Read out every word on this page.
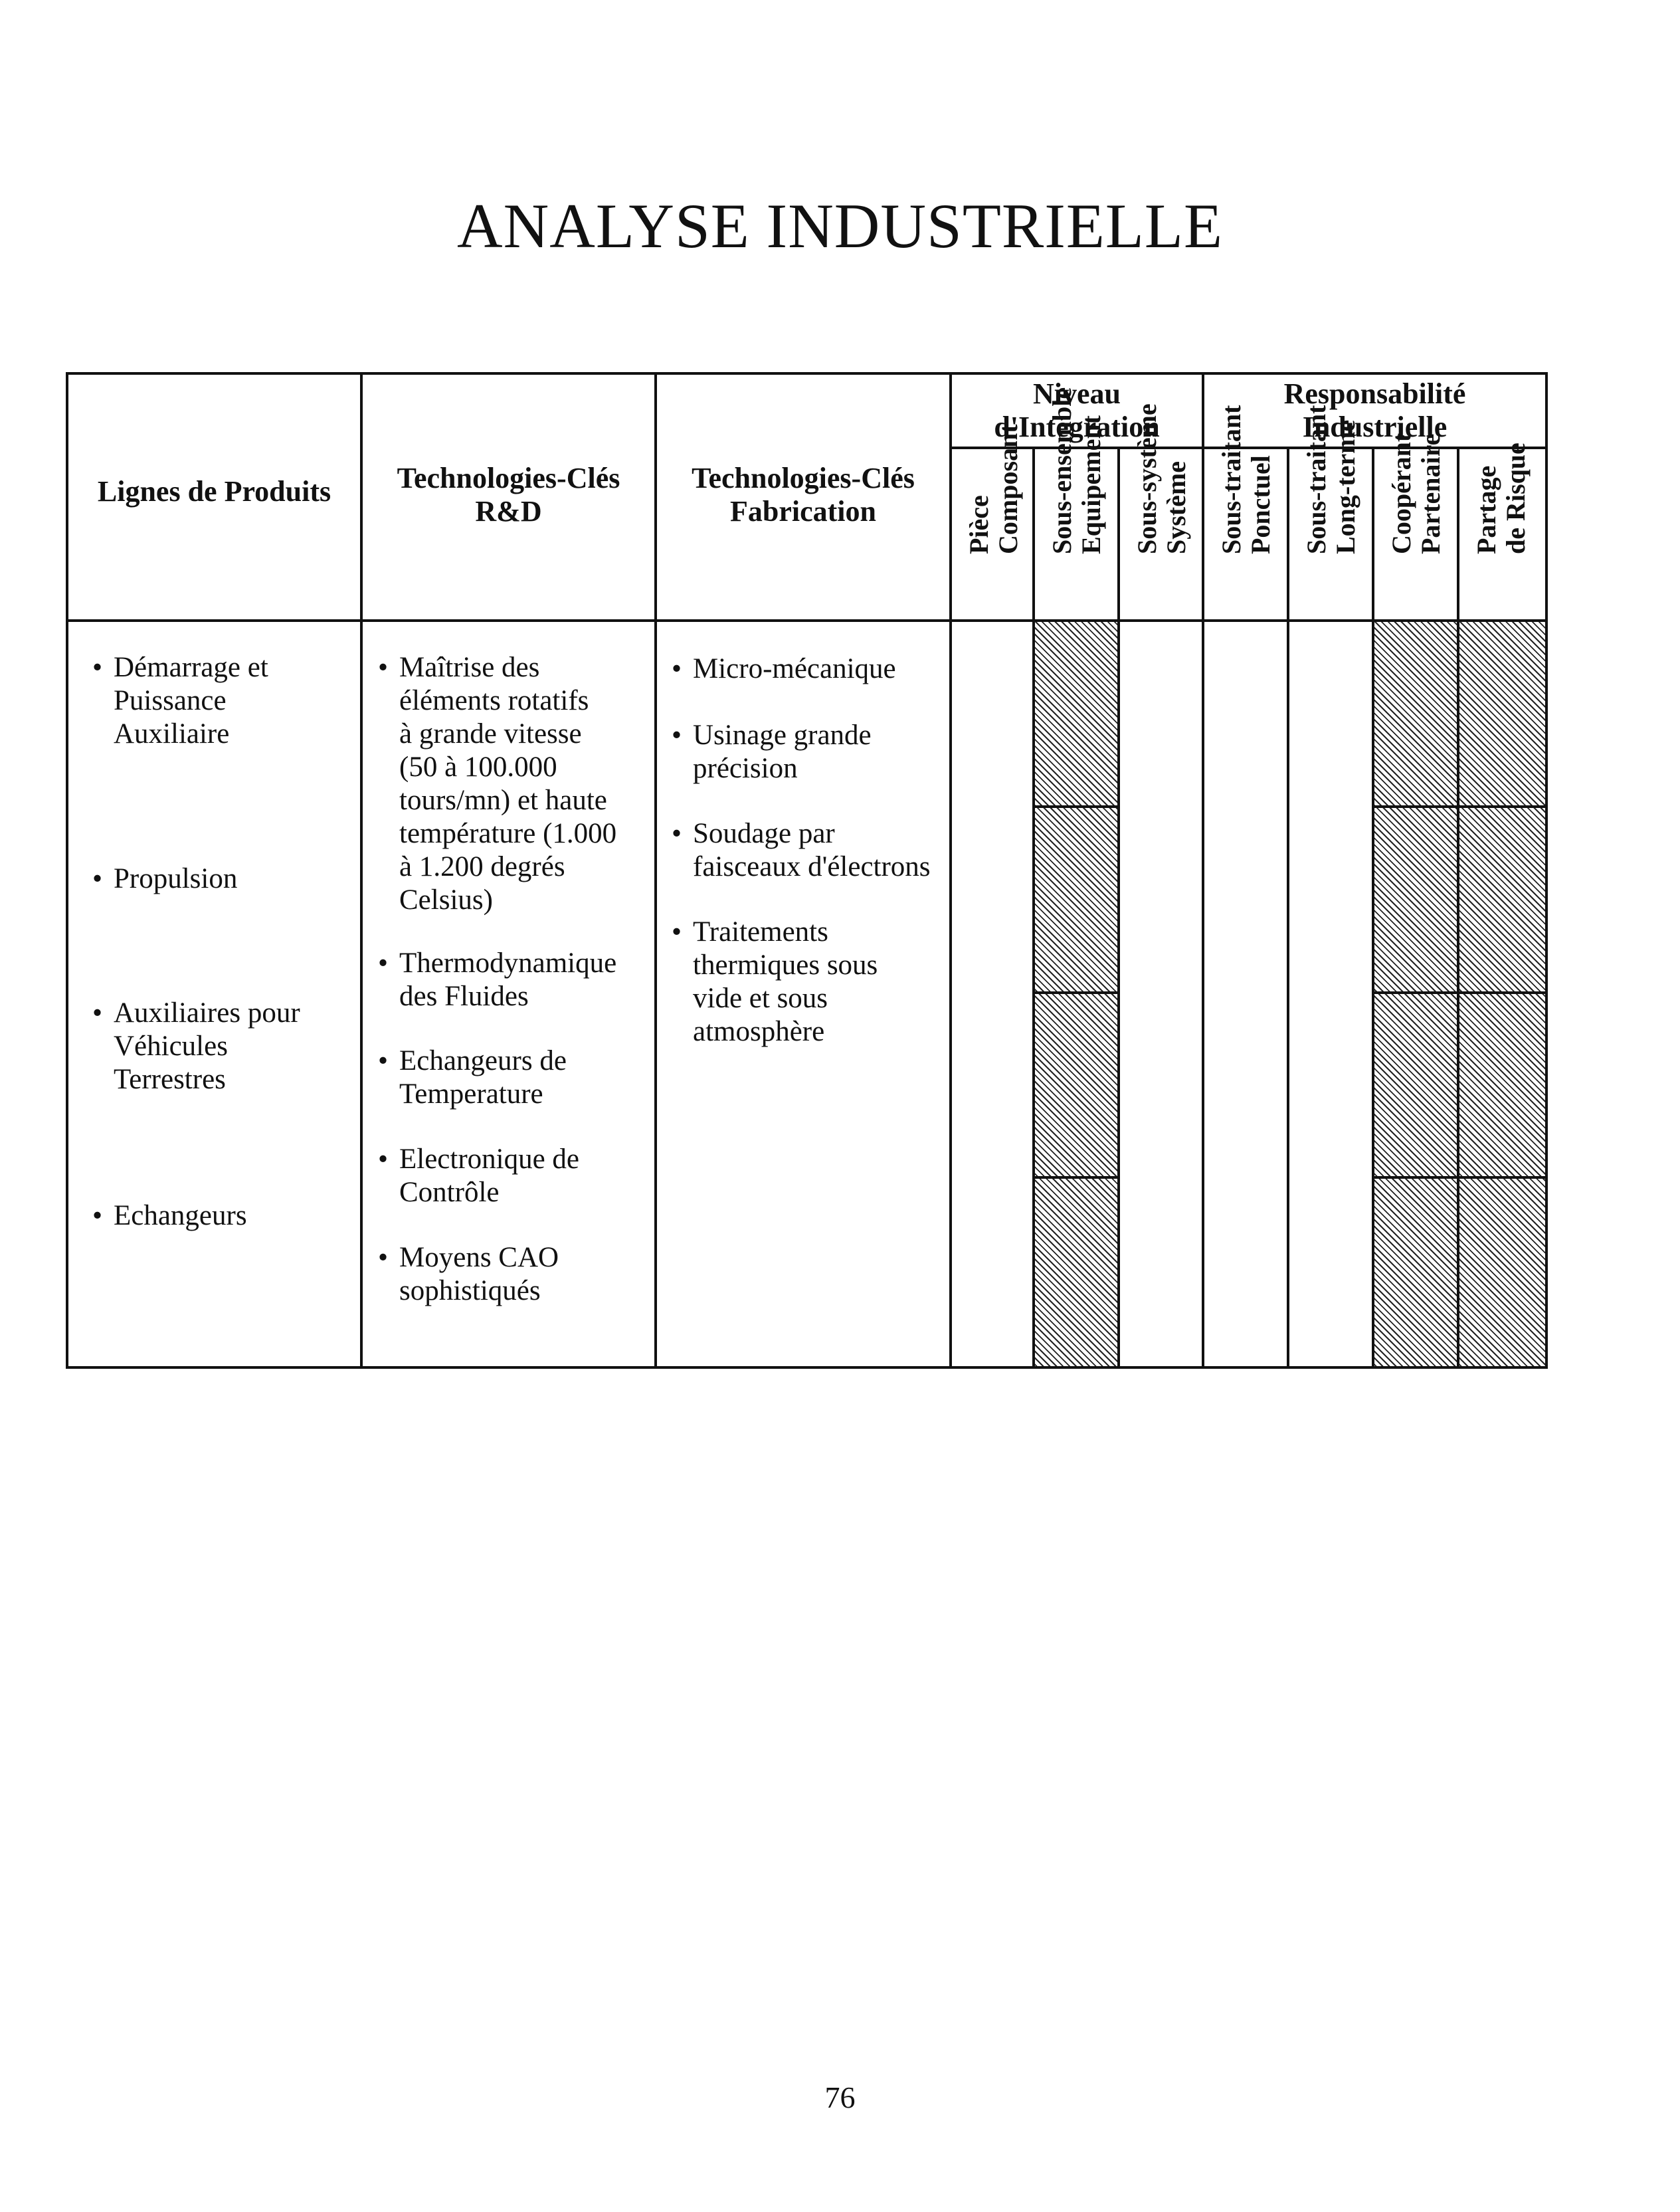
ANALYSE INDUSTRIELLE
Lignes de Produits	Technologies-Clés
R&D
Technologies-Clés
Fabrication
Niveau
d'Intégration
Responsabilité
Industrielle
Pièce
Composant Sous-ensemble
Equipement Sous-système
Système Sous-traitant
Ponctuel Sous-traitant
Long-terme Coopérant
Partenaire Partage
de Risque
• Démarrage et
Puissance
Auxiliaire
• Propulsion
• Auxiliaires pour
Véhicules
Terrestres
• Echangeurs
• Maîtrise des
éléments rotatifs
à grande vitesse
(50 à 100.000
tours/mn) et haute
température (1.000
à 1.200 degrés
Celsius)
• Thermodynamique
des Fluides
• Echangeurs de
Temperature
• Electronique de
Contrôle
• Moyens CAO
sophistiqués
• Micro-mécanique
• Usinage grande
précision
• Soudage par
faisceaux d'électrons
• Traitements
thermiques sous
vide et sous
atmosphère
76
